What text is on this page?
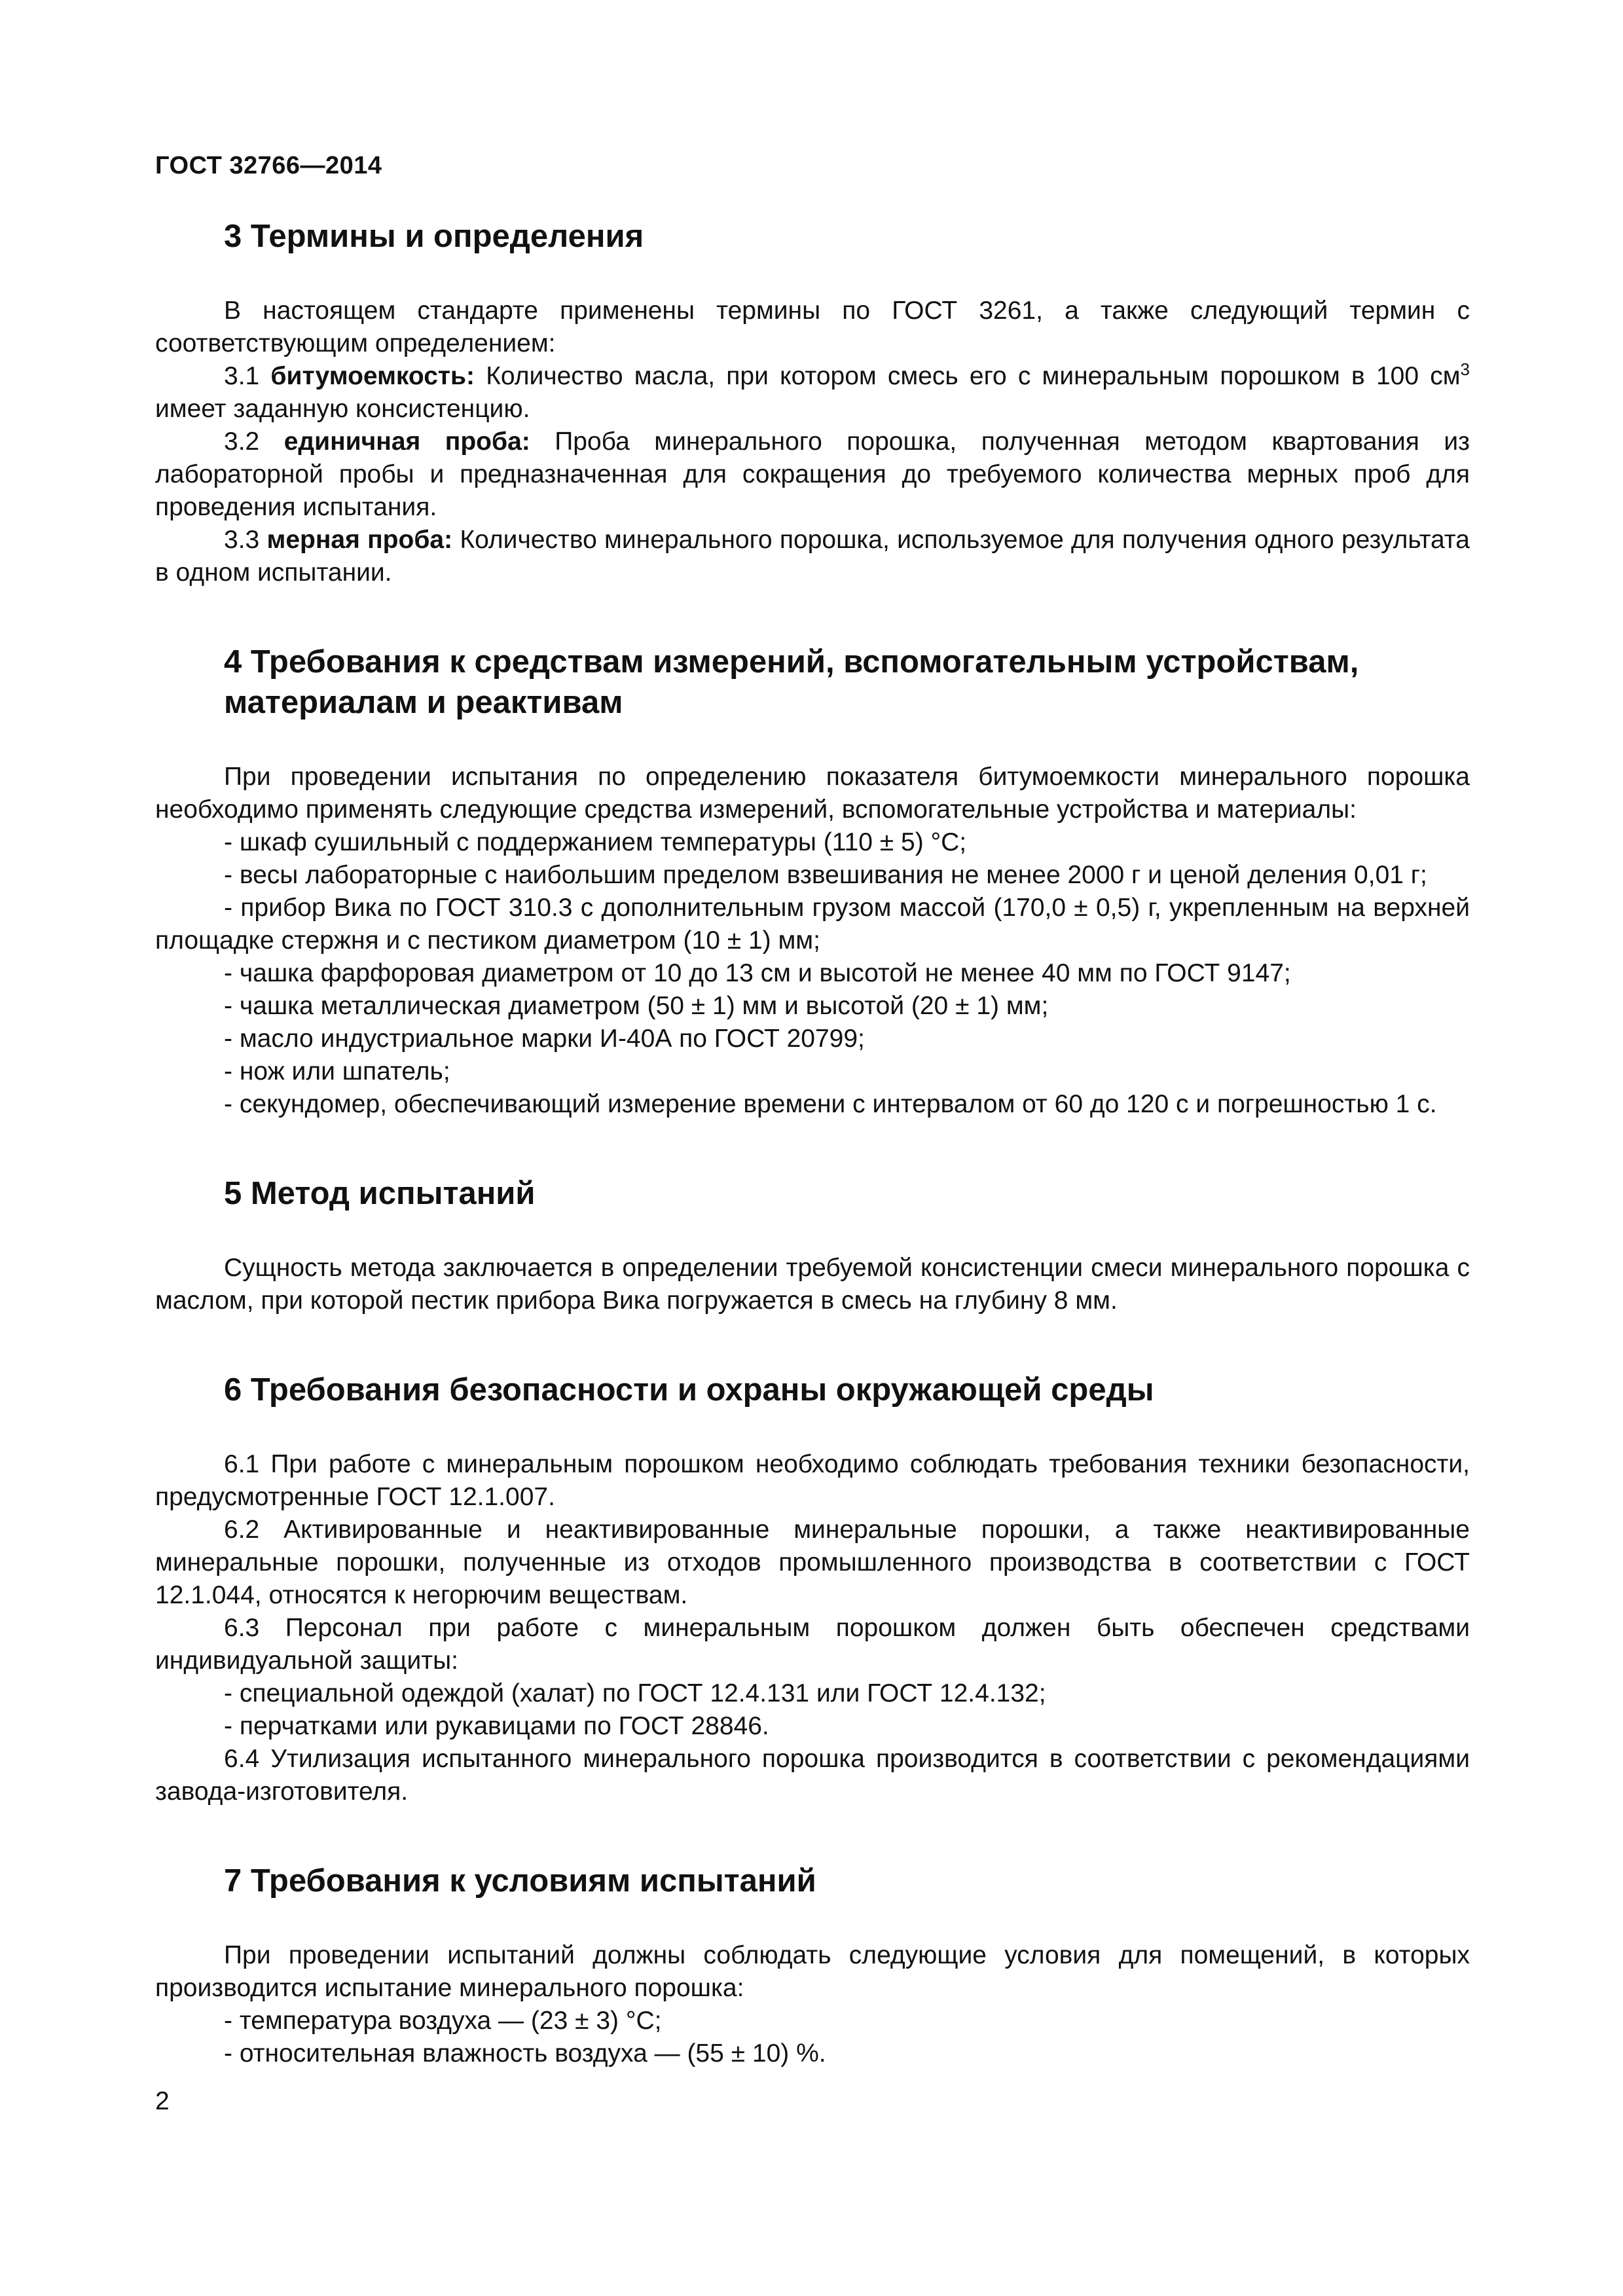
ГОСТ 32766—2014
3 Термины и определения

В настоящем стандарте применены термины по ГОСТ 3261, а также следующий термин с соответствующим определением:

3.1 битумоемкость: Количество масла, при котором смесь его с минеральным порошком в 100 $см^3$ имеет заданную консистенцию.

3.2 единичная проба: Проба минерального порошка, полученная методом квартования из лабораторной пробы и предназначенная для сокращения до требуемого количества мерных проб для проведения испытания.

3.3 мерная проба: Количество минерального порошка, используемое для получения одного результата в одном испытании.

4 Требования к средствам измерений, вспомогательным устройствам,
материалам и реактивам

При проведении испытания по определению показателя битумоемкости минерального порошка необходимо применять следующие средства измерений, вспомогательные устройства и материалы:

- шкаф сушильный с поддержанием температуры (110 ± 5) °С;

- весы лабораторные с наибольшим пределом взвешивания не менее 2000 г и ценой деления 0,01 г;

- прибор Вика по ГОСТ 310.3 с дополнительным грузом массой (170,0 ± 0,5) г, укрепленным на верхней площадке стержня и с пестиком диаметром (10 ± 1) мм;

- чашка фарфоровая диаметром от 10 до 13 см и высотой не менее 40 мм по ГОСТ 9147;

- чашка металлическая диаметром (50 ± 1) мм и высотой (20 ± 1) мм;

- масло индустриальное марки И-40А по ГОСТ 20799;

- нож или шпатель;

- секундомер, обеспечивающий измерение времени с интервалом от 60 до 120 с и погрешностью 1 с.

5 Метод испытаний

Сущность метода заключается в определении требуемой консистенции смеси минерального порошка с маслом, при которой пестик прибора Вика погружается в смесь на глубину 8 мм.

6 Требования безопасности и охраны окружающей среды

6.1 При работе с минеральным порошком необходимо соблюдать требования техники безопасности, предусмотренные ГОСТ 12.1.007.

6.2 Активированные и неактивированные минеральные порошки, а также неактивированные минеральные порошки, полученные из отходов промышленного производства в соответствии с ГОСТ 12.1.044, относятся к негорючим веществам.

6.3 Персонал при работе с минеральным порошком должен быть обеспечен средствами индивидуальной защиты:

- специальной одеждой (халат) по ГОСТ 12.4.131 или ГОСТ 12.4.132;

- перчатками или рукавицами по ГОСТ 28846.

6.4 Утилизация испытанного минерального порошка производится в соответствии с рекомендациями завода-изготовителя.

7 Требования к условиям испытаний

При проведении испытаний должны соблюдать следующие условия для помещений, в которых производится испытание минерального порошка:

- температура воздуха — (23 ± 3) °С;

- относительная влажность воздуха — (55 ± 10) %.

2
